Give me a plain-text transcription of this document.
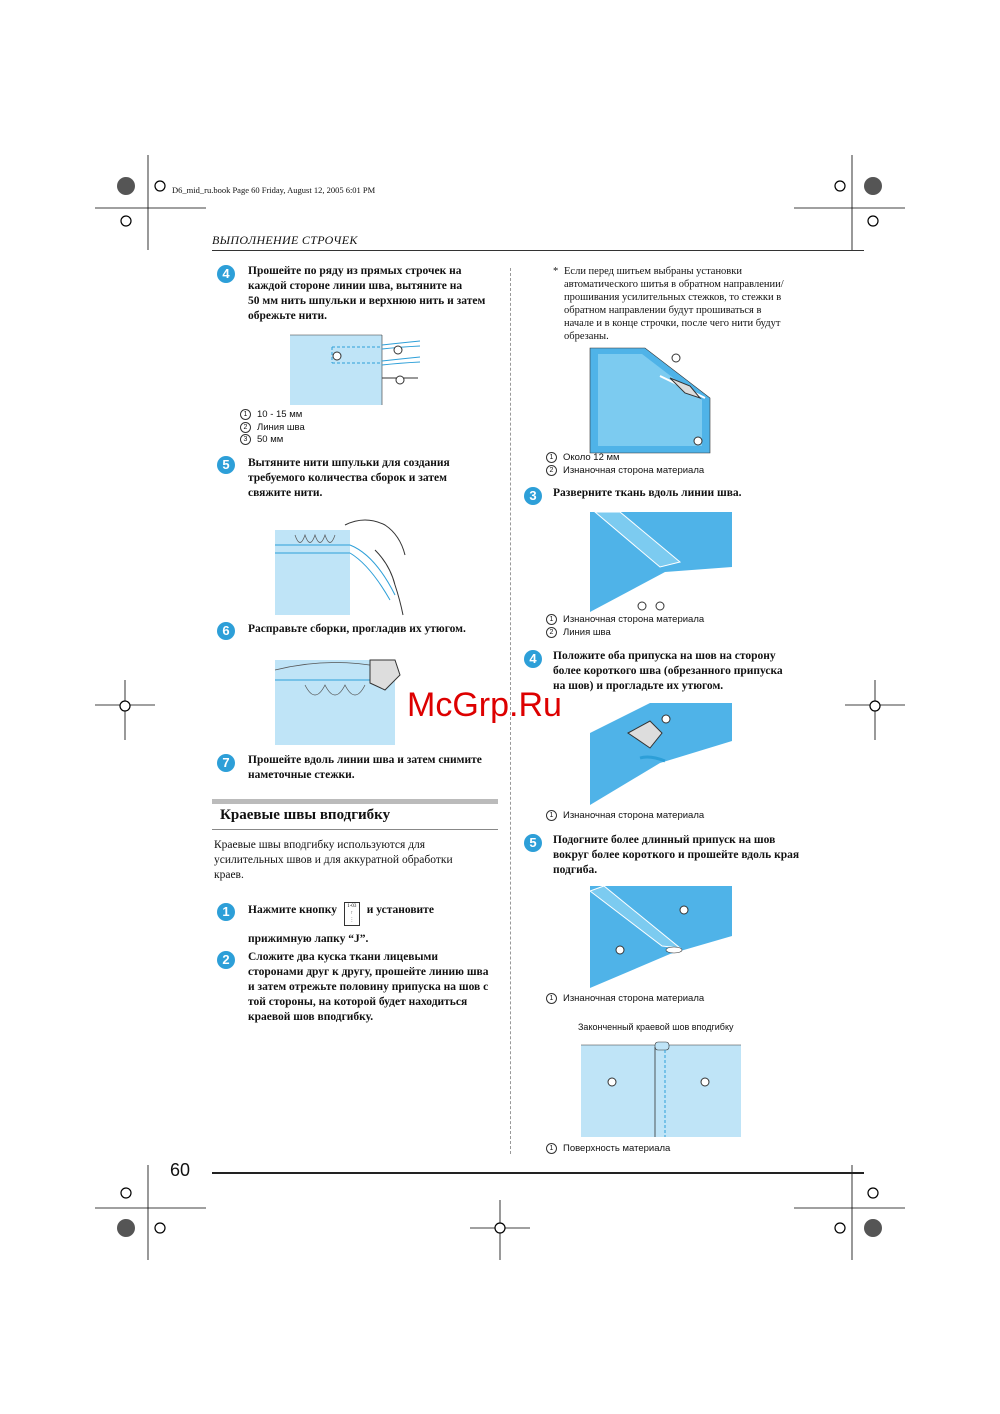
D6_mid_ru.book Page 60 Friday, August 12, 2005 6:01 PM
ВЫПОЛНЕНИЕ СТРОЧЕК
4	Прошейте по ряду из прямых строчек на
каждой стороне линии шва, вытяните на
50 мм нить шпульки и верхнюю нить и затем
обрежьте нити.
1 10 - 15 мм
2 Линия шва
3 50 мм
5	Вытяните нити шпульки для создания
требуемого количества сборок и затем
свяжите нити.
6	Расправьте сборки, прогладив их утюгом.
7	Прошейте вдоль линии шва и затем снимите
наметочные стежки.
Краевые швы вподгибку
Краевые швы вподгибку используются для
усилительных швов и для аккуратной обработки
краев.
1	Нажмите кнопку 1-03
↑
⋮ и установите
прижимную лапку “J”.
2	Сложите два куска ткани лицевыми
сторонами друг к другу, прошейте линию шва
и затем отрежьте половину припуска на шов с
той стороны, на которой будет находиться
краевой шов вподгибку.
* Если перед шитьем выбраны установки
автоматического шитья в обратном направлении/
прошивания усилительных стежков, то стежки в
обратном направлении будут прошиваться в
начале и в конце строчки, после чего нити будут
обрезаны.
1 Около 12 мм
2 Изнаночная сторона материала
3	Разверните ткань вдоль линии шва.
1 Изнаночная сторона материала
2 Линия шва
4	Положите оба припуска на шов на сторону
более короткого шва (обрезанного припуска
на шов) и прогладьте их утюгом.
1 Изнаночная сторона материала
5	Подогните более длинный припуск на шов
вокруг более короткого и прошейте вдоль края
подгиба.
1 Изнаночная сторона материала
Законченный краевой шов вподгибку
1 Поверхность материала
60
McGrp.Ru
